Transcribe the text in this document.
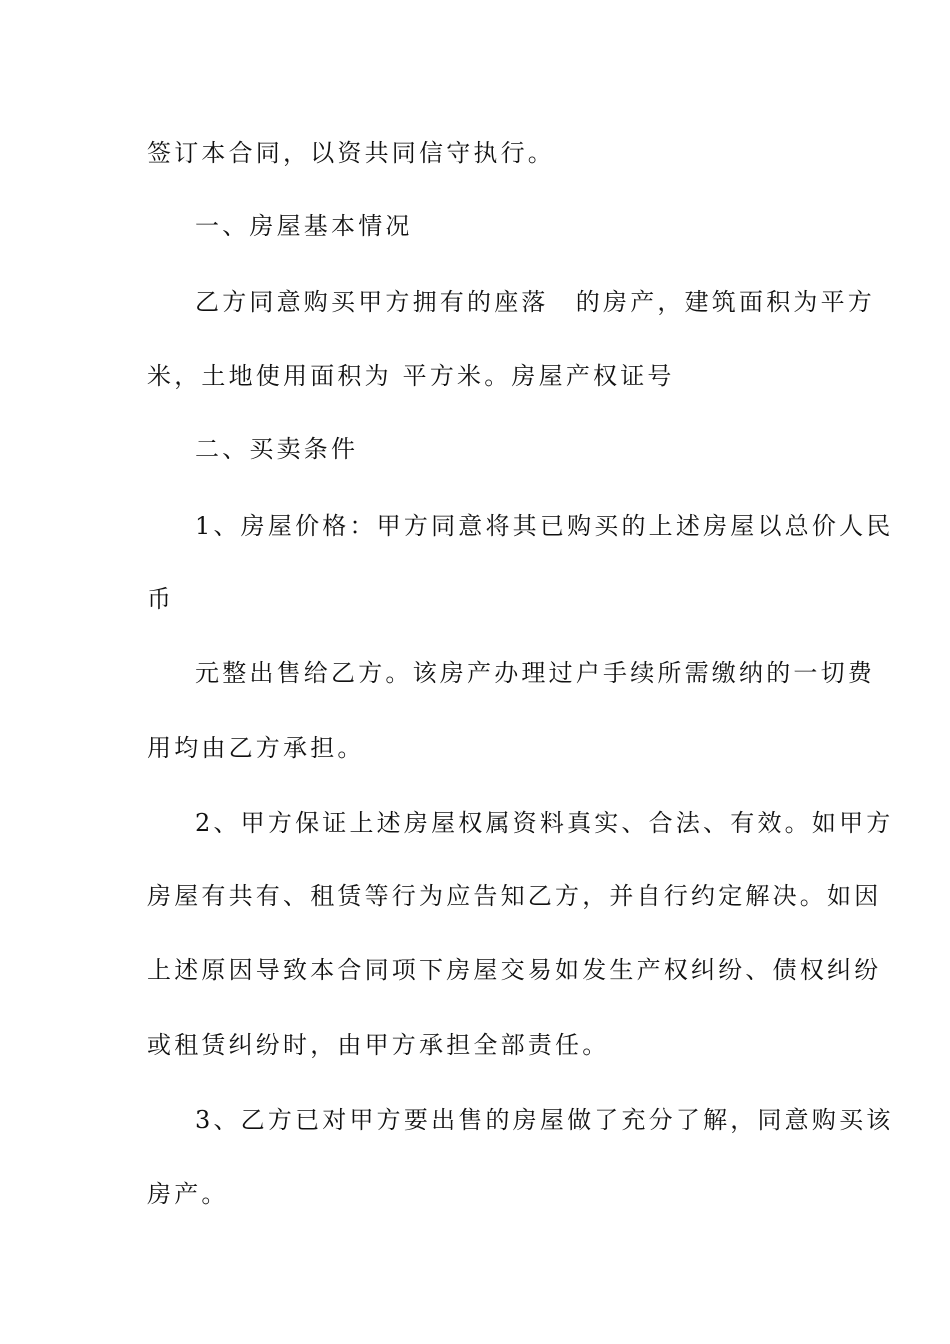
签订本合同，以资共同信守执行。
一、房屋基本情况
乙方同意购买甲方拥有的座落　的房产，建筑面积为平方
米，土地使用面积为 平方米。房屋产权证号
二、买卖条件
1、房屋价格：甲方同意将其已购买的上述房屋以总价人民
币
元整出售给乙方。该房产办理过户手续所需缴纳的一切费
用均由乙方承担。
2、甲方保证上述房屋权属资料真实、合法、有效。如甲方
房屋有共有、租赁等行为应告知乙方，并自行约定解决。如因
上述原因导致本合同项下房屋交易如发生产权纠纷、债权纠纷
或租赁纠纷时，由甲方承担全部责任。
3、乙方已对甲方要出售的房屋做了充分了解，同意购买该
房产。
